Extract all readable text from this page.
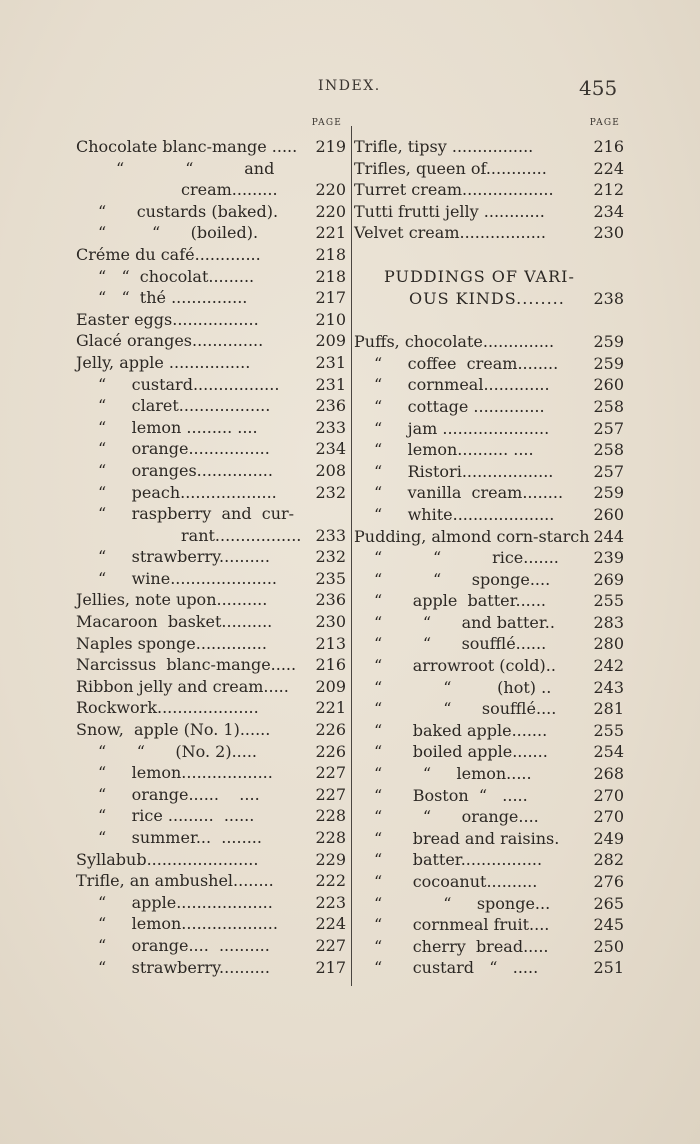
INDEX.	455
PAGE
Chocolate blanc-mange ..... 219
“            “          and
cream......... 220
“      custards (baked). 220
“         “      (boiled).	221
Créme du café.............	218
“   “  chocolat.........	218
“   “  thé ...............	217
Easter eggs.................	210
Glacé oranges..............	209
Jelly, apple ................	231
“     custard................. 231
“     claret..................	236
“     lemon ......... ....	233
“     orange................	234
“     oranges...............	208
“     peach................... 232
“     raspberry  and  cur-
rant................. 233
“     strawberry..........	232
“     wine..................... 235
Jellies, note upon..........	236
Macaroon  basket..........	230
Naples sponge..............	213
Narcissus  blanc-mange..... 216
Ribbon jelly and cream..... 209
Rockwork....................	221
Snow,  apple (No. 1)......	226
“      “      (No. 2).....	226
“     lemon..................	227
“     orange......    ....	227
“     rice .........  ......	228
“     summer...  ........	228
Syllabub......................	229
Trifle, an ambushel........	222
“     apple...................	223
“     lemon................... 224
“     orange....  ..........	227
“     strawberry..........	217
PAGE
Trifle, tipsy ................	216
Trifles, queen of............	224
Turret cream.................. 212
Tutti frutti jelly ............	234
Velvet cream.................	230
PUDDINGS OF VARI-
OUS KINDS........ 238
Puffs, chocolate.............. 259
“     coffee  cream........ 259
“     cornmeal.............	260
“     cottage ..............	258
“     jam .....................	257
“     lemon.......... ....	258
“     Ristori..................	257
“     vanilla  cream........ 259
“     white.................... 260
Pudding, almond corn-starch 244
“          “          rice....... 239
“          “      sponge....	269
“      apple  batter......	255
“        “      and batter.. 283
“        “      soufflé......	280
“      arrowroot (cold).. 242
“            “         (hot) ..	243
“            “      soufflé.... 281
“      baked apple.......	255
“      boiled apple.......	254
“        “     lemon.....	268
“      Boston  “   .....	270
“        “      orange....	270
“      bread and raisins. 249
“      batter................	282
“      cocoanut..........	276
“            “     sponge...	265
“      cornmeal fruit....	245
“      cherry  bread.....	250
“      custard   “   .....	251
